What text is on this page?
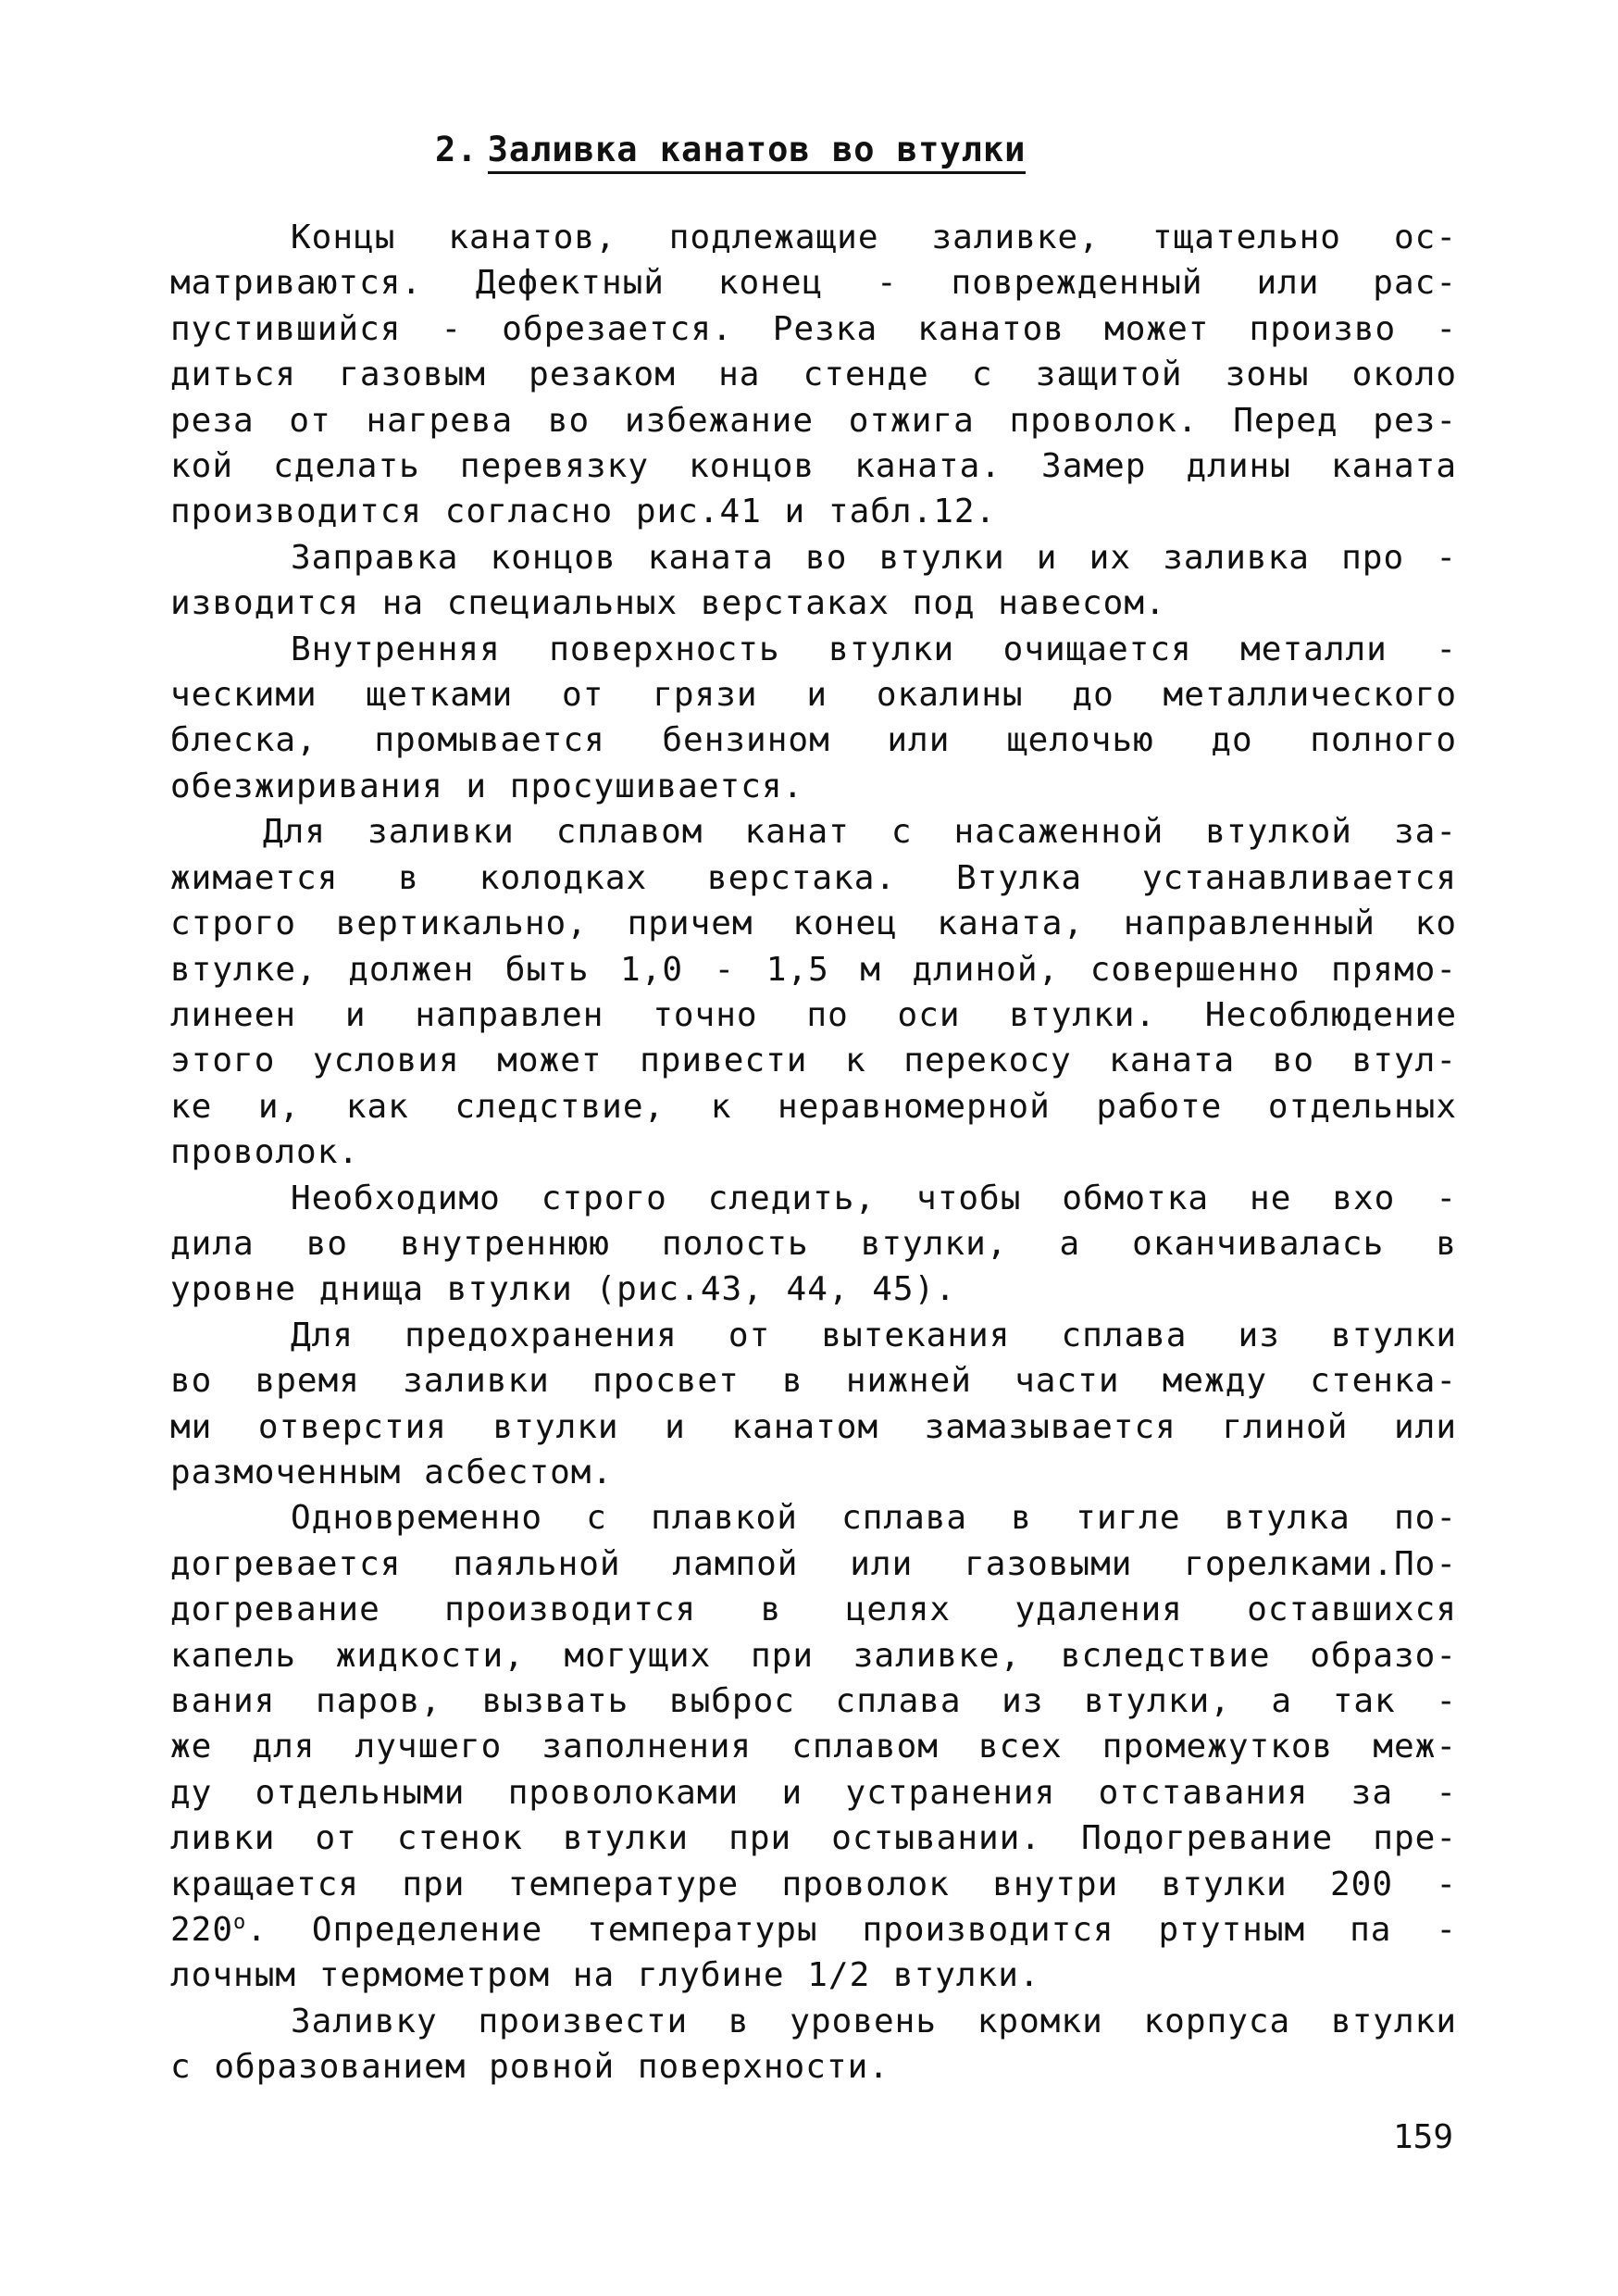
2. Заливка канатов во втулки

Концы канатов, подлежащие заливке, тщательно ос-
матриваются. Дефектный конец - поврежденный или рас-
пустившийся - обрезается. Резка канатов может произво -
диться газовым резаком на стенде с защитой зоны около
реза от нагрева во избежание отжига проволок. Перед рез-
кой сделать перевязку концов каната. Замер длины каната
производится согласно рис.41 и табл.12.

Заправка концов каната во втулки и их заливка про -
изводится на специальных верстаках под навесом.

Внутренняя поверхность втулки очищается металли -
ческими щетками от грязи и окалины до металлического
блеска, промывается бензином или щелочью до полного
обезжиривания и просушивается.

Для заливки сплавом канат с насаженной втулкой за-
жимается в колодках верстака. Втулка устанавливается
строго вертикально, причем конец каната, направленный ко
втулке, должен быть 1,0 - 1,5 м длиной, совершенно прямо-
линеен и направлен точно по оси втулки. Несоблюдение
этого условия может привести к перекосу каната во втул-
ке и, как следствие, к неравномерной работе отдельных
проволок.

Необходимо строго следить, чтобы обмотка не вхо -
дила во внутреннюю полость втулки, а оканчивалась в
уровне днища втулки (рис.43, 44, 45).

Для предохранения от вытекания сплава из втулки
во время заливки просвет в нижней части между стенка-
ми отверстия втулки и канатом замазывается глиной или
размоченным асбестом.

Одновременно с плавкой сплава в тигле втулка по-
догревается паяльной лампой или газовыми горелками.По-
догревание производится в целях удаления оставшихся
капель жидкости, могущих при заливке, вследствие образо-
вания паров, вызвать выброс сплава из втулки, а так -
же для лучшего заполнения сплавом всех промежутков меж-
ду отдельными проволоками и устранения отставания за -
ливки от стенок втулки при остывании. Подогревание пре-
кращается при температуре проволок внутри втулки 200 -
$220^о$. Определение температуры производится ртутным па -
лочным термометром на глубине 1/2 втулки.

Заливку произвести в уровень кромки корпуса втулки
с образованием ровной поверхности.

159
